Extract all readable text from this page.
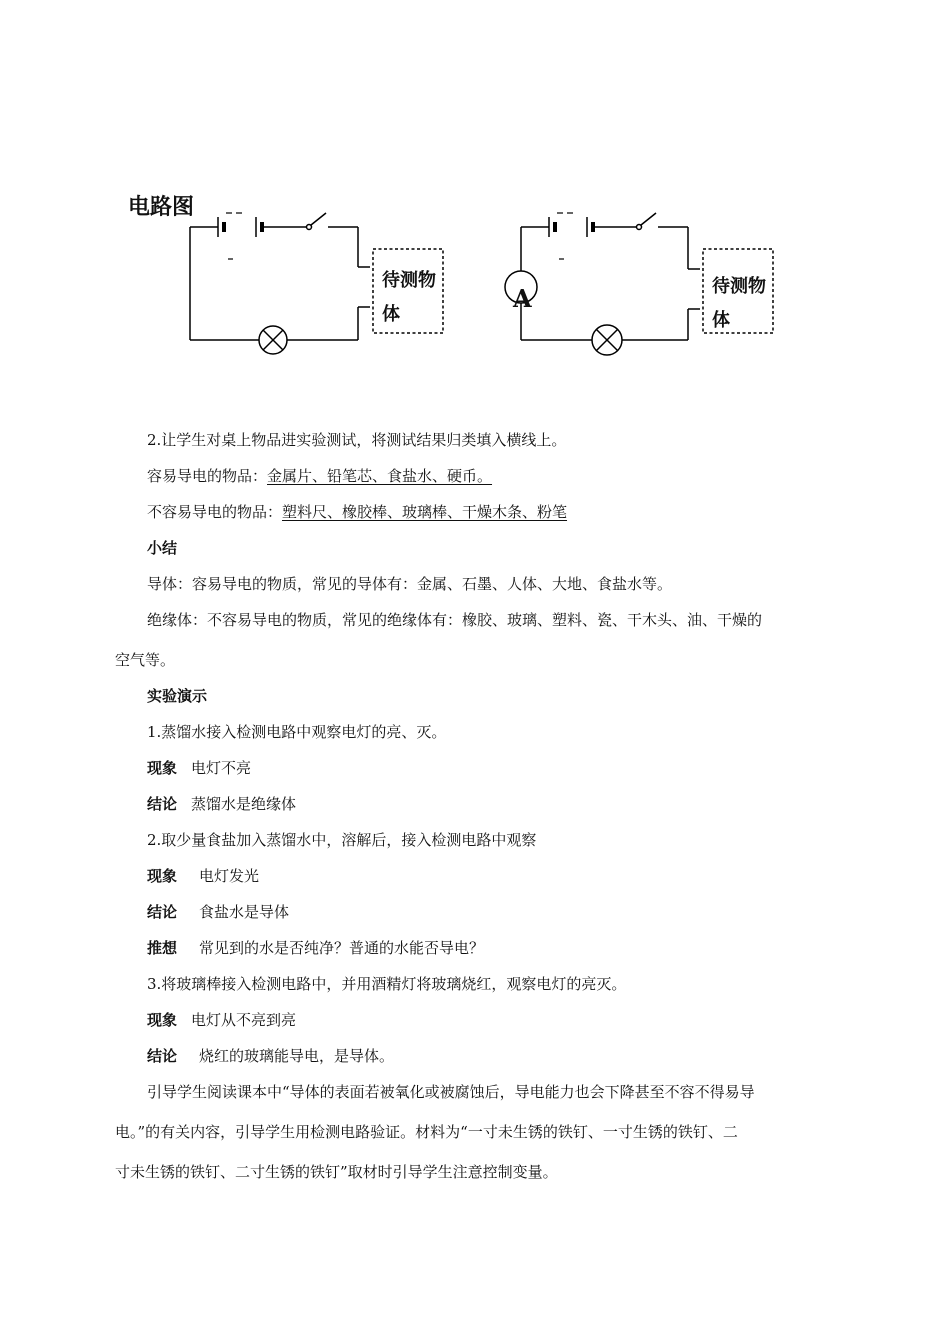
电路图
待测物
体
A	待测物
体
2.让学生对桌上物品进实验测试，将测试结果归类填入横线上。
容易导电的物品：金属片、铅笔芯、食盐水、硬币。
不容易导电的物品：塑料尺、橡胶棒、玻璃棒、干燥木条、粉笔
小结
导体：容易导电的物质，常见的导体有：金属、石墨、人体、大地、食盐水等。
绝缘体：不容易导电的物质，常见的绝缘体有：橡胶、玻璃、塑料、瓷、干木头、油、干燥的
空气等。
实验演示
1.蒸馏水接入检测电路中观察电灯的亮、灭。
现象 电灯不亮
结论 蒸馏水是绝缘体
2.取少量食盐加入蒸馏水中，溶解后，接入检测电路中观察
现象 电灯发光
结论 食盐水是导体
推想 常见到的水是否纯净？普通的水能否导电？
3.将玻璃棒接入检测电路中，并用酒精灯将玻璃烧红，观察电灯的亮灭。
现象 电灯从不亮到亮
结论 烧红的玻璃能导电，是导体。
引导学生阅读课本中“导体的表面若被氧化或被腐蚀后，导电能力也会下降甚至不容不得易导
电。”的有关内容，引导学生用检测电路验证。材料为“一寸未生锈的铁钉、一寸生锈的铁钉、二
寸未生锈的铁钉、二寸生锈的铁钉”取材时引导学生注意控制变量。
